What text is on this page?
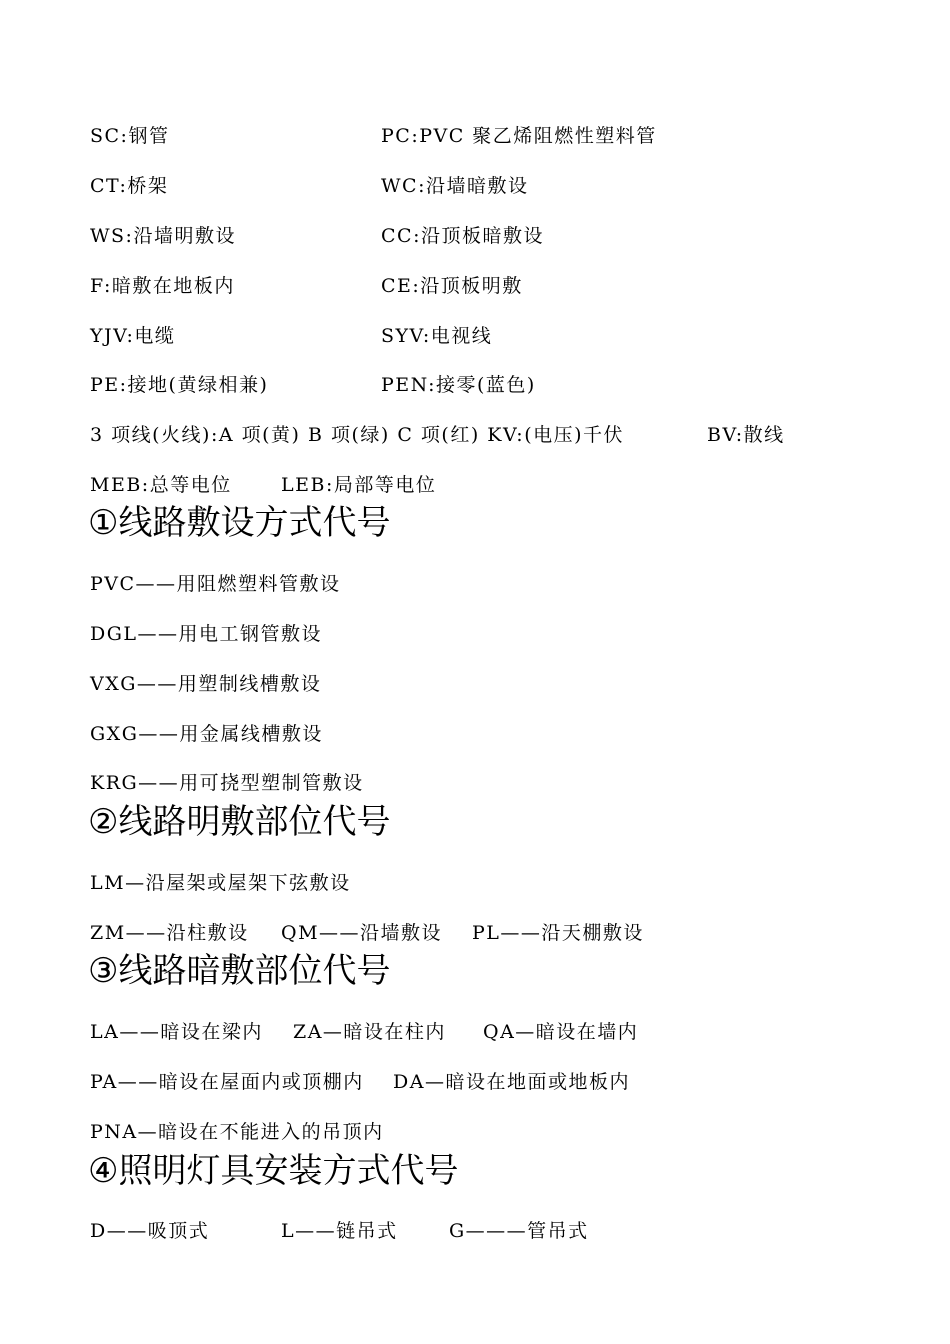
SC:钢管	PC:PVC 聚乙烯阻燃性塑料管
CT:桥架	WC:沿墙暗敷设
WS:沿墙明敷设	CC:沿顶板暗敷设
F:暗敷在地板内	CE:沿顶板明敷
YJV:电缆	SYV:电视线
PE:接地(黄绿相兼)	PEN:接零(蓝色)
3 项线(火线):A 项(黄) B 项(绿) C 项(红) KV:(电压)千伏	BV:散线
MEB:总等电位	LEB:局部等电位
①线路敷设方式代号
PVC——用阻燃塑料管敷设
DGL——用电工钢管敷设
VXG——用塑制线槽敷设
GXG——用金属线槽敷设
KRG——用可挠型塑制管敷设
②线路明敷部位代号
LM—沿屋架或屋架下弦敷设
ZM——沿柱敷设 QM——沿墙敷设 PL——沿天棚敷设
③线路暗敷部位代号
LA——暗设在梁内 ZA—暗设在柱内 QA—暗设在墙内
PA——暗设在屋面内或顶棚内 DA—暗设在地面或地板内
PNA—暗设在不能进入的吊顶内
④照明灯具安装方式代号
D——吸顶式	L——链吊式	G———管吊式
